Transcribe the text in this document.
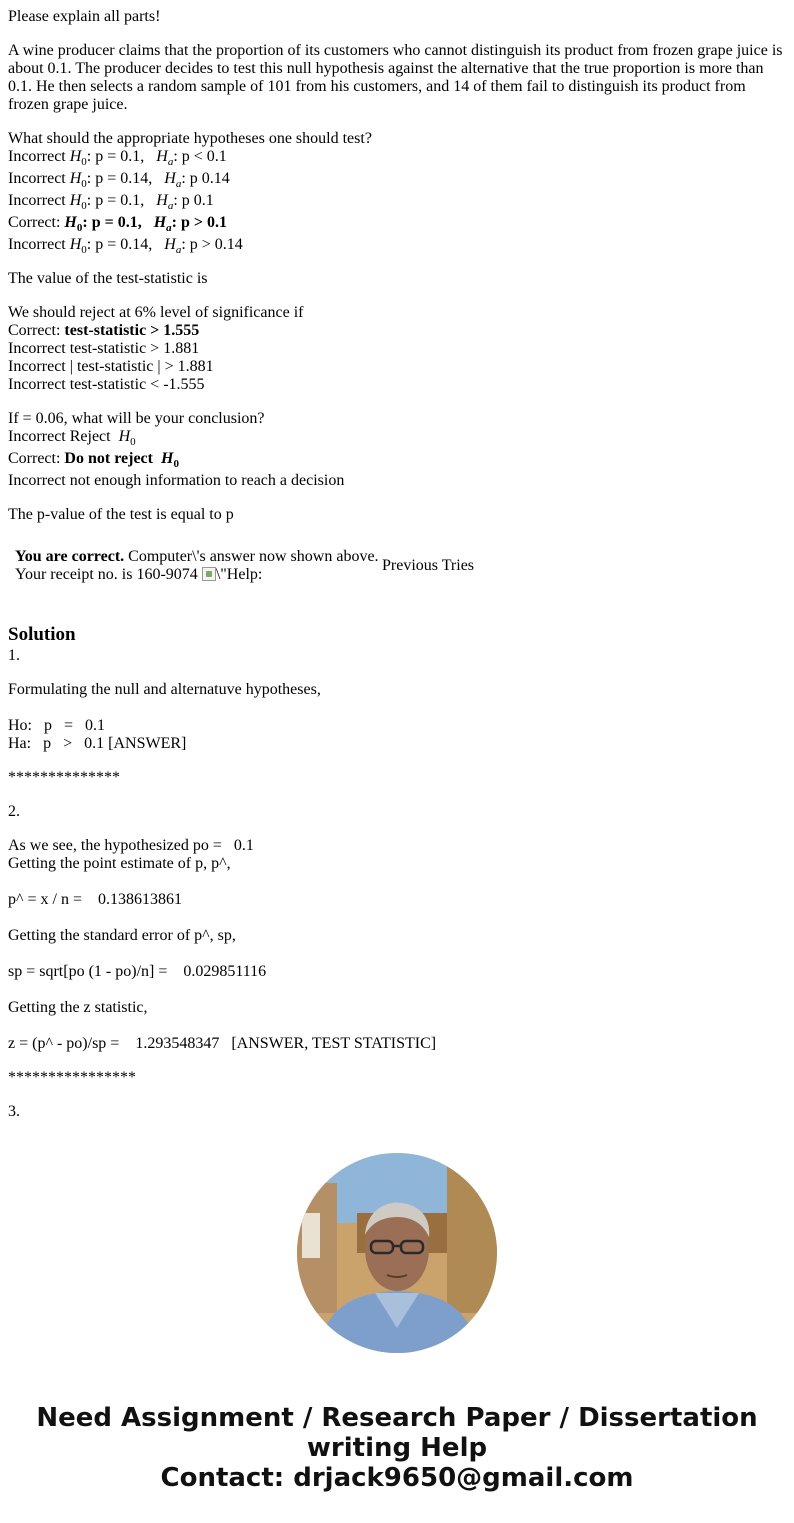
Please explain all parts!

A wine producer claims that the proportion of its customers who cannot distinguish its product from frozen grape juice is about 0.1. The producer decides to test this null hypothesis against the alternative that the true proportion is more than 0.1. He then selects a random sample of 101 from his customers, and 14 of them fail to distinguish its product from frozen grape juice.

What should the appropriate hypotheses one should test?

Incorrect $H_0$: p = 0.1, $H_a$: p < 0.1
Incorrect $H_0$: p = 0.14, $H_a$: p 0.14
Incorrect $H_0$: p = 0.1, $H_a$: p 0.1
Correct: $H_0$: p = 0.1, $H_a$: p > 0.1
Incorrect $H_0$: p = 0.14, $H_a$: p > 0.14

The value of the test-statistic is

We should reject at 6% level of significance if

Correct: test-statistic > 1.555
Incorrect test-statistic > 1.881
Incorrect | test-statistic | > 1.881
Incorrect test-statistic < -1.555

If = 0.06, what will be your conclusion?

Incorrect Reject $H_0$
Correct: Do not reject $H_0$
Incorrect not enough information to reach a decision

The p-value of the test is equal to p

You are correct. Computer\'s answer now shown above.
Your receipt no. is 160-9074 \"Help:
Previous Tries
Solution

1.

Formulating the null and alternatuve hypotheses,

Ho:   p   =   0.1

Ha:   p   >   0.1 [ANSWER]

**************

2.

As we see, the hypothesized po =   0.1

Getting the point estimate of p, p^,

p^ = x / n =    0.138613861

Getting the standard error of p^, sp,

sp = sqrt[po (1 - po)/n] =    0.029851116

Getting the z statistic,

z = (p^ - po)/sp =    1.293548347   [ANSWER, TEST STATISTIC]

****************

3.

Need Assignment / Research Paper / Dissertation
writing Help
Contact: drjack9650@gmail.com
